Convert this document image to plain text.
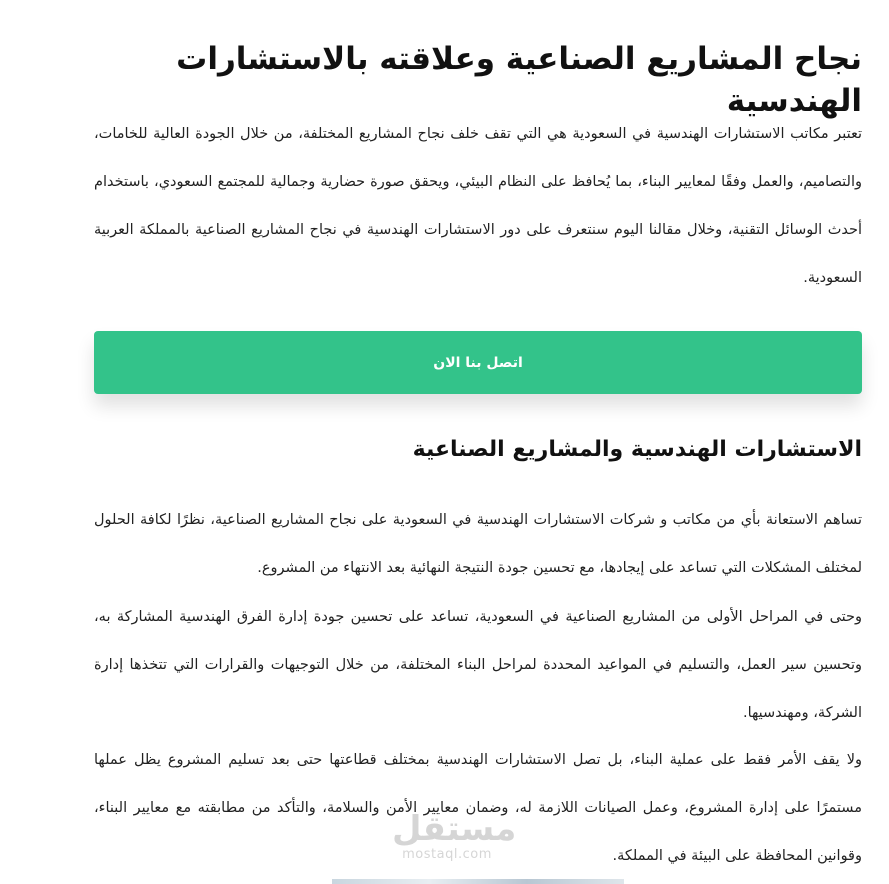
نجاح المشاريع الصناعية وعلاقته بالاستشارات الهندسية

تعتبر مكاتب الاستشارات الهندسية في السعودية هي التي تقف خلف نجاح المشاريع المختلفة، من خلال الجودة العالية للخامات، والتصاميم، والعمل وفقًا لمعايير البناء، بما يُحافظ على النظام البيئي، ويحقق صورة حضارية وجمالية للمجتمع السعودي، باستخدام أحدث الوسائل التقنية، وخلال مقالنا اليوم سنتعرف على دور الاستشارات الهندسية في نجاح المشاريع الصناعية بالمملكة العربية السعودية.

اتصل بنا الان
الاستشارات الهندسية والمشاريع الصناعية

تساهم الاستعانة بأي من مكاتب و شركات الاستشارات الهندسية في السعودية على نجاح المشاريع الصناعية، نظرًا لكافة الحلول لمختلف المشكلات التي تساعد على إيجادها، مع تحسين جودة النتيجة النهائية بعد الانتهاء من المشروع.

وحتى في المراحل الأولى من المشاريع الصناعية في السعودية، تساعد على تحسين جودة إدارة الفرق الهندسية المشاركة به، وتحسين سير العمل، والتسليم في المواعيد المحددة لمراحل البناء المختلفة، من خلال التوجيهات والقرارات التي تتخذها إدارة الشركة، ومهندسيها.

ولا يقف الأمر فقط على عملية البناء، بل تصل الاستشارات الهندسية بمختلف قطاعتها حتى بعد تسليم المشروع يظل عملها مستمرًا على إدارة المشروع، وعمل الصيانات اللازمة له، وضمان معايير الأمن والسلامة، والتأكد من مطابقته مع معايير البناء، وقوانين المحافظة على البيئة في المملكة.

مستقل
mostaql.com
